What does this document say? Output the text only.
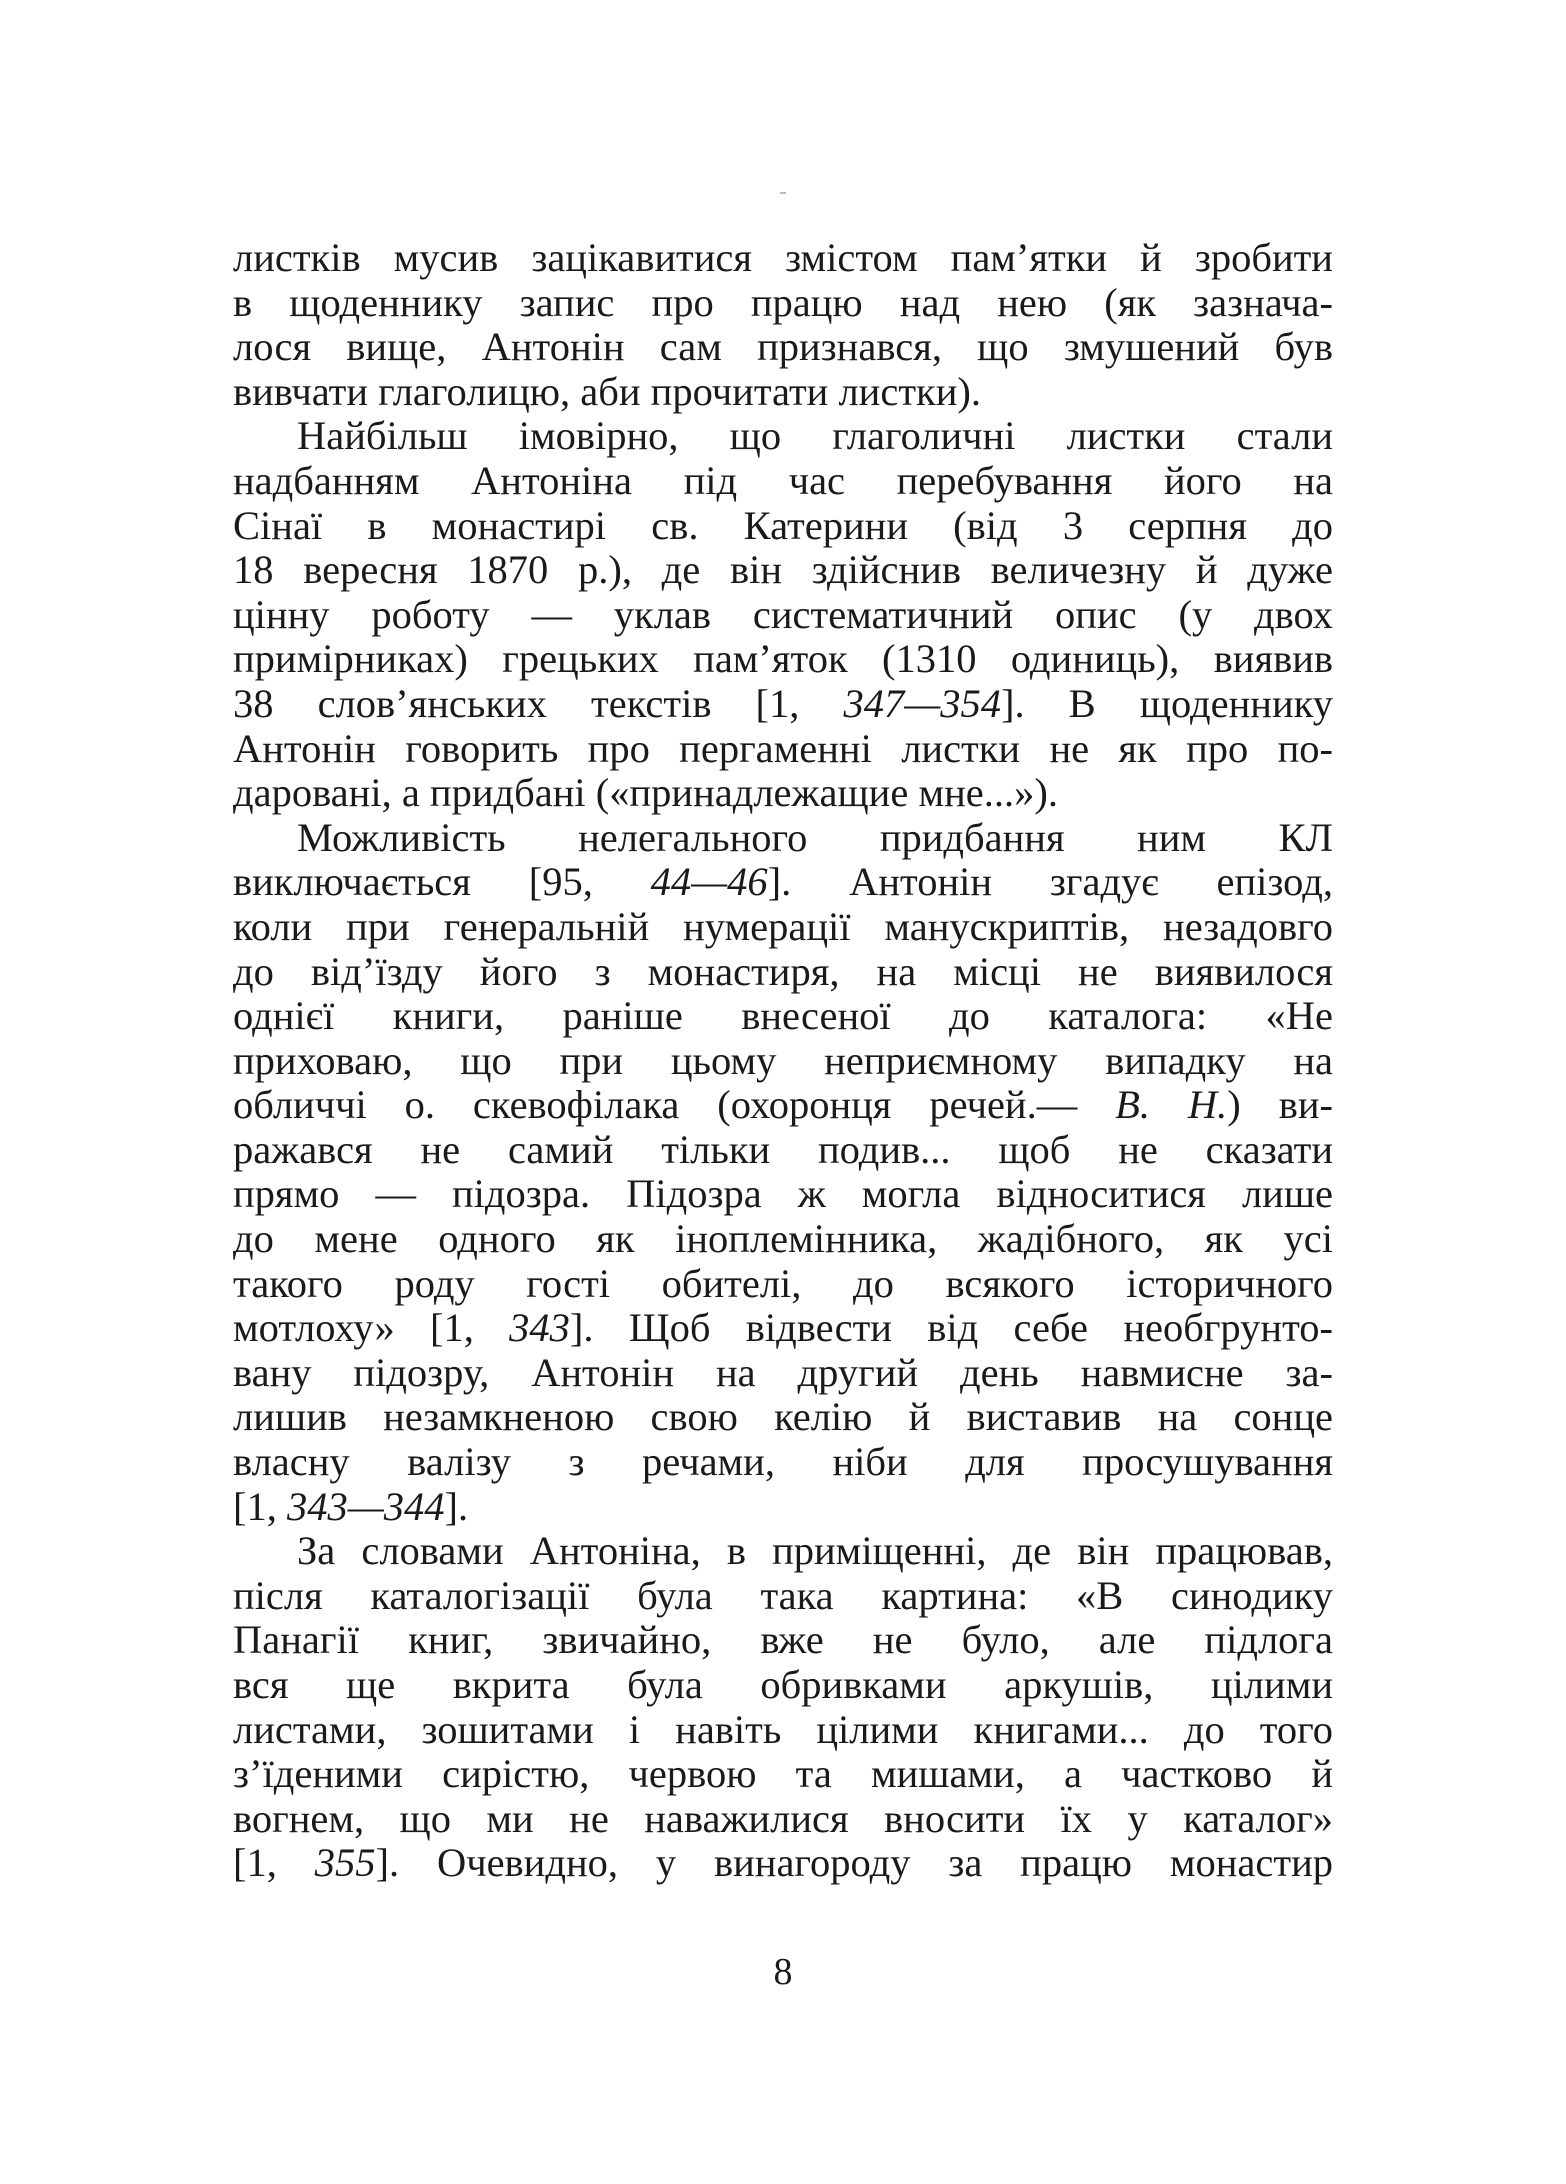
листків мусив зацікавитися змістом пам’ятки й зробити
в щоденнику запис про працю над нею (як зазнача-
лося вище, Антонін сам признався, що змушений був
вивчати глаголицю, аби прочитати листки).

Найбільш імовірно, що глаголичні листки стали
надбанням Антоніна під час перебування його на
Сінаї в монастирі св. Катерини (від 3 серпня до
18 вересня 1870 р.), де він здійснив величезну й дуже
цінну роботу — уклав систематичний опис (у двох
примірниках) грецьких пам’яток (1310 одиниць), виявив
38 слов’янських текстів [1, 347—354]. В щоденнику
Антонін говорить про пергаменні листки не як про по-
даровані, а придбані («принадлежащие мне...»).

Можливість нелегального придбання ним КЛ
виключається [95, 44—46]. Антонін згадує епізод,
коли при генеральній нумерації манускриптів, незадовго
до від’їзду його з монастиря, на місці не виявилося
однієї книги, раніше внесеної до каталога: «Не
приховаю, що при цьому неприємному випадку на
обличчі о. скевофілака (охоронця речей.— В. Н.) ви-
ражався не самий тільки подив... щоб не сказати
прямо — підозра. Підозра ж могла відноситися лише
до мене одного як іноплемінника, жадібного, як усі
такого роду гості обителі, до всякого історичного
мотлоху» [1, 343]. Щоб відвести від себе необгрунто-
вану підозру, Антонін на другий день навмисне за-
лишив незамкненою свою келію й виставив на сонце
власну валізу з речами, ніби для просушування
[1, 343—344].

За словами Антоніна, в приміщенні, де він працював,
після каталогізації була така картина: «В синодику
Панагії книг, звичайно, вже не було, але підлога
вся ще вкрита була обривками аркушів, цілими
листами, зошитами і навіть цілими книгами... до того
з’їденими сирістю, червою та мишами, а частково й
вогнем, що ми не наважилися вносити їх у каталог»
[1, 355]. Очевидно, у винагороду за працю монастир

8
